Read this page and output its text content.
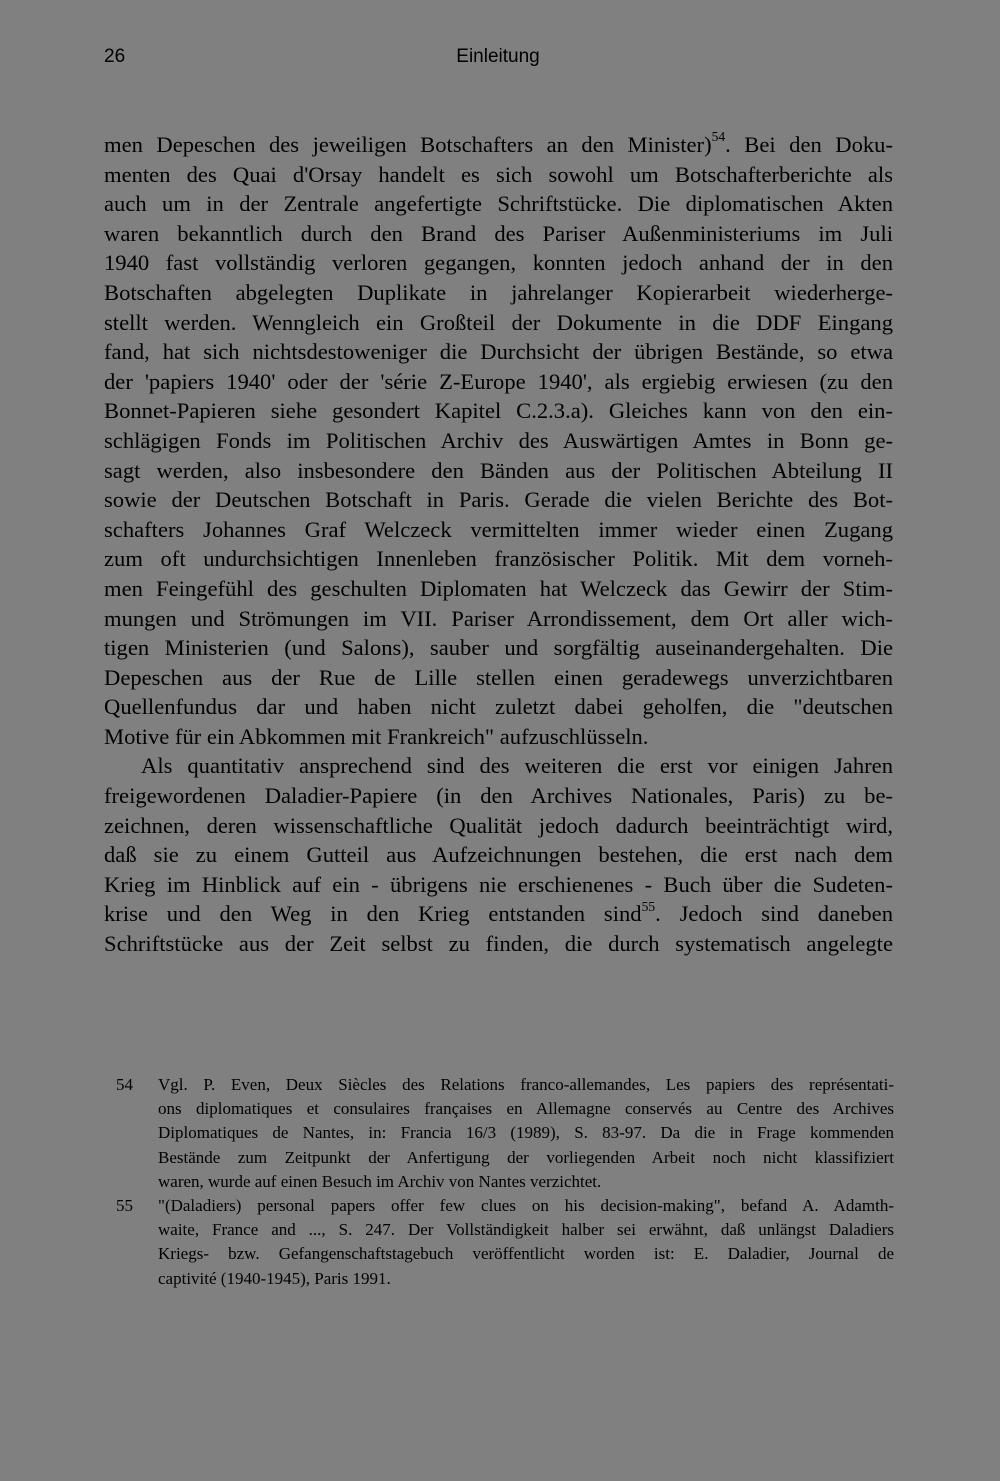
26	Einleitung
men Depeschen des jeweiligen Botschafters an den Minister)$^{54}$. Bei den Doku-
menten des Quai d'Orsay handelt es sich sowohl um Botschafterberichte als
auch um in der Zentrale angefertigte Schriftstücke. Die diplomatischen Akten
waren bekanntlich durch den Brand des Pariser Außenministeriums im Juli
1940 fast vollständig verloren gegangen, konnten jedoch anhand der in den
Botschaften abgelegten Duplikate in jahrelanger Kopierarbeit wiederherge-
stellt werden. Wenngleich ein Großteil der Dokumente in die DDF Eingang
fand, hat sich nichtsdestoweniger die Durchsicht der übrigen Bestände, so etwa
der 'papiers 1940' oder der 'série Z-Europe 1940', als ergiebig erwiesen (zu den
Bonnet-Papieren siehe gesondert Kapitel C.2.3.a). Gleiches kann von den ein-
schlägigen Fonds im Politischen Archiv des Auswärtigen Amtes in Bonn ge-
sagt werden, also insbesondere den Bänden aus der Politischen Abteilung II
sowie der Deutschen Botschaft in Paris. Gerade die vielen Berichte des Bot-
schafters Johannes Graf Welczeck vermittelten immer wieder einen Zugang
zum oft undurchsichtigen Innenleben französischer Politik. Mit dem vorneh-
men Feingefühl des geschulten Diplomaten hat Welczeck das Gewirr der Stim-
mungen und Strömungen im VII. Pariser Arrondissement, dem Ort aller wich-
tigen Ministerien (und Salons), sauber und sorgfältig auseinandergehalten. Die
Depeschen aus der Rue de Lille stellen einen geradewegs unverzichtbaren
Quellenfundus dar und haben nicht zuletzt dabei geholfen, die "deutschen
Motive für ein Abkommen mit Frankreich" aufzuschlüsseln.
Als quantitativ ansprechend sind des weiteren die erst vor einigen Jahren
freigewordenen Daladier-Papiere (in den Archives Nationales, Paris) zu be-
zeichnen, deren wissenschaftliche Qualität jedoch dadurch beeinträchtigt wird,
daß sie zu einem Gutteil aus Aufzeichnungen bestehen, die erst nach dem
Krieg im Hinblick auf ein - übrigens nie erschienenes - Buch über die Sudeten-
krise und den Weg in den Krieg entstanden sind$^{55}$. Jedoch sind daneben
Schriftstücke aus der Zeit selbst zu finden, die durch systematisch angelegte
54 Vgl. P. Even, Deux Siècles des Relations franco-allemandes, Les papiers des représentati-
ons diplomatiques et consulaires françaises en Allemagne conservés au Centre des Archives
Diplomatiques de Nantes, in: Francia 16/3 (1989), S. 83-97. Da die in Frage kommenden
Bestände zum Zeitpunkt der Anfertigung der vorliegenden Arbeit noch nicht klassifiziert
waren, wurde auf einen Besuch im Archiv von Nantes verzichtet.
55 "(Daladiers) personal papers offer few clues on his decision-making", befand A. Adamth-
waite, France and ..., S. 247. Der Vollständigkeit halber sei erwähnt, daß unlängst Daladiers
Kriegs- bzw. Gefangenschaftstagebuch veröffentlicht worden ist: E. Daladier, Journal de
captivité (1940-1945), Paris 1991.
